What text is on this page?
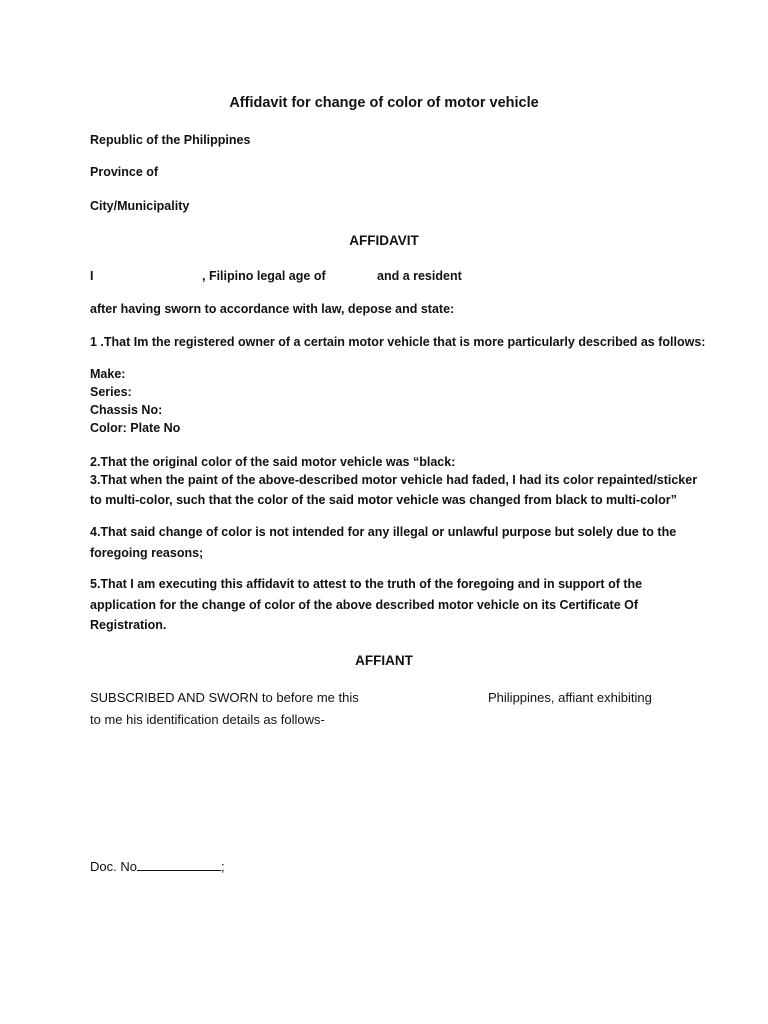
Affidavit for change of color of motor vehicle
Republic of the Philippines
Province of
City/Municipality
AFFIDAVIT
I	, Filipino legal age of	and a resident
after having sworn to accordance with law, depose and state:
1 .That Im the registered owner of a certain motor vehicle that is more particularly described as follows:
Make:
Series:
Chassis No:
Color: Plate No
2.That the original color of the said motor vehicle was “black:
3.That when the paint of the above-described motor vehicle had faded, I had its color repainted/sticker
to multi-color, such that the color of the said motor vehicle was changed from black to multi-color”
4.That said change of color is not intended for any illegal or unlawful purpose but solely due to the foregoing reasons;
5.That I am executing this affidavit to attest to the truth of the foregoing and in support of the application for the change of color of the above described motor vehicle on its Certificate Of Registration.
AFFIANT
SUBSCRIBED AND SWORN to before me this	Philippines, affiant exhibiting
to me his identification details as follows-
Doc. No	;
